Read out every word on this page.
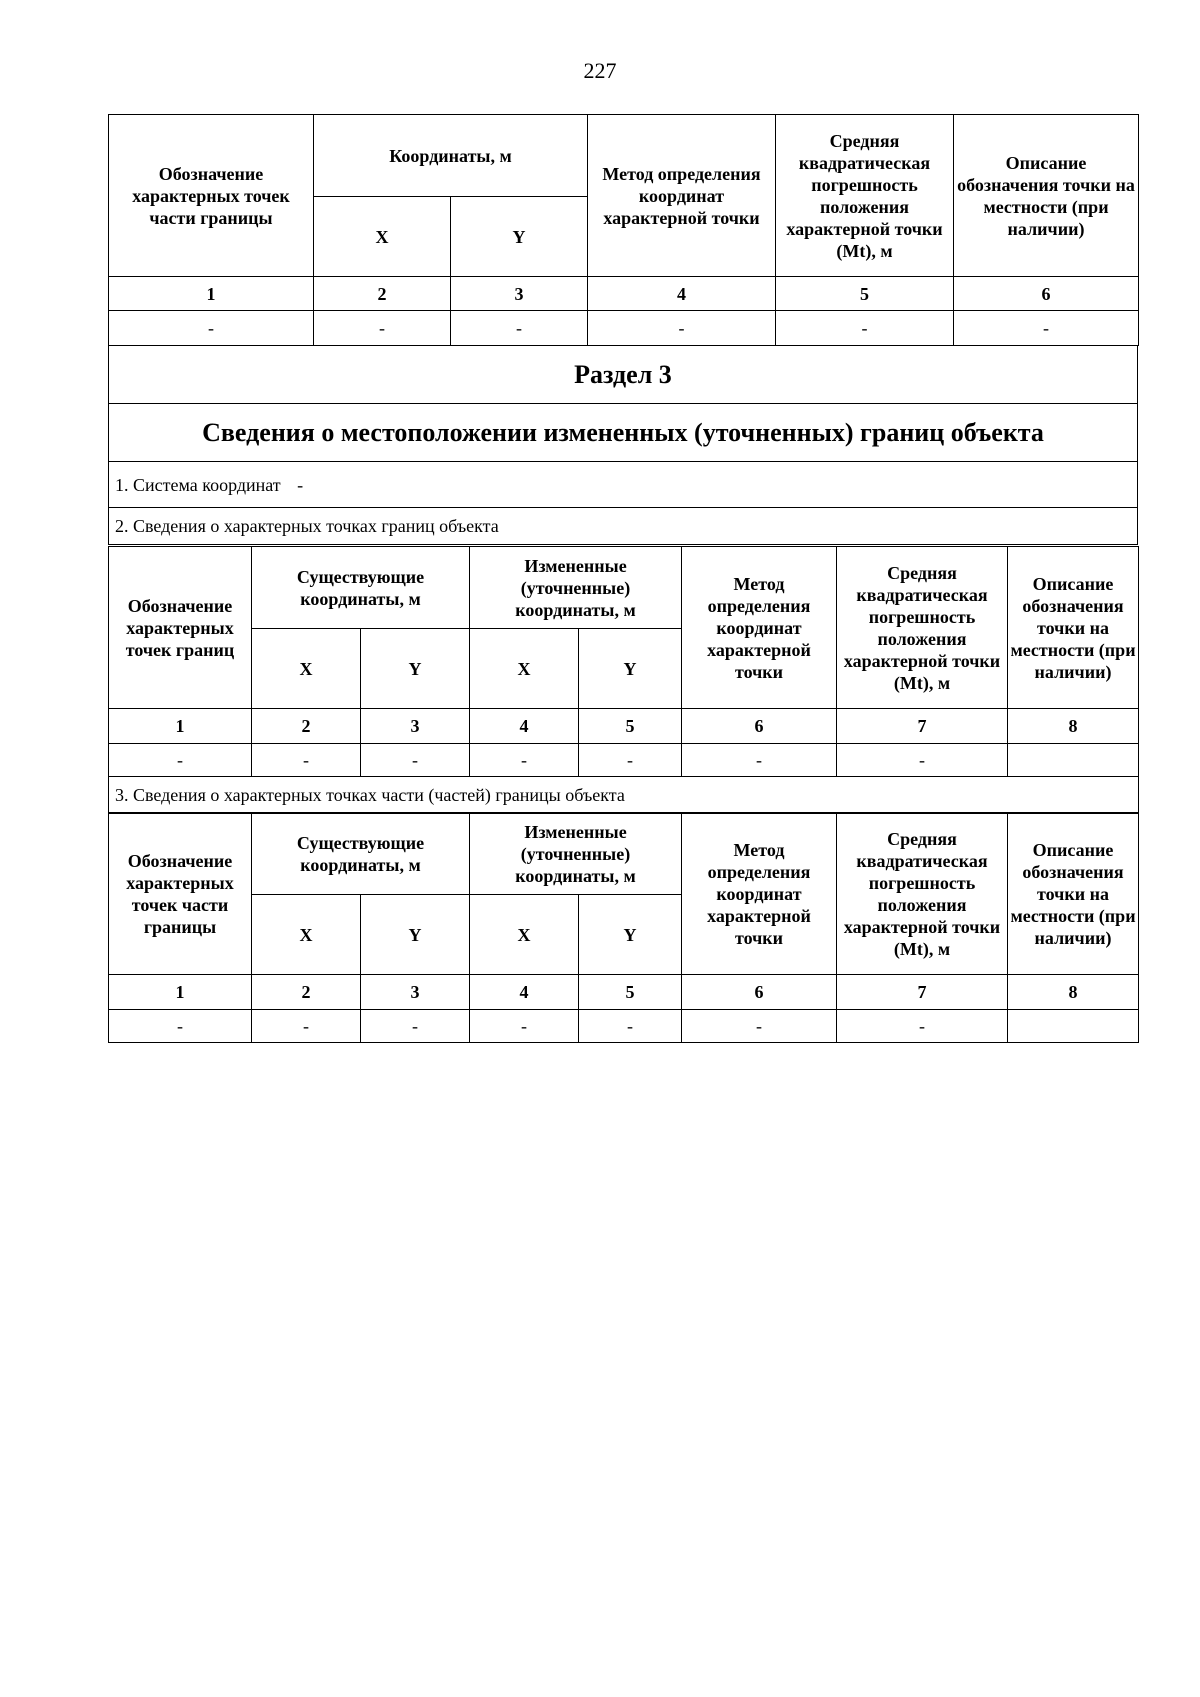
227
Обозначение характерных точек части границы	Координаты, м		Метод определения координат характерной точки	Средняя квадратическая погрешность положения характерной точки (Mt), м	Описание обозначения точки на местности (при наличии)
	X	Y			
1	2	3	4	5	6
-	-	-	-	-	-
Раздел 3
Сведения о местоположении измененных (уточненных) границ объекта
1. Система координат -
2. Сведения о характерных точках границ объекта
Обозначение характерных точек границ	Существующие координаты, м		Измененные (уточненные) координаты, м		Метод определения координат характерной точки	Средняя квадратическая погрешность положения характерной точки (Mt), м	Описание обозначения точки на местности (при наличии)
	X	Y	X	Y			
1	2	3	4	5	6	7	8
-	-	-	-	-	-	-	
3. Сведения о характерных точках части (частей) границы объекта							
Обозначение характерных точек части границы	Существующие координаты, м		Измененные (уточненные) координаты, м		Метод определения координат характерной точки	Средняя квадратическая погрешность положения характерной точки (Mt), м	Описание обозначения точки на местности (при наличии)
	X	Y	X	Y			
1	2	3	4	5	6	7	8
-	-	-	-	-	-	-	
